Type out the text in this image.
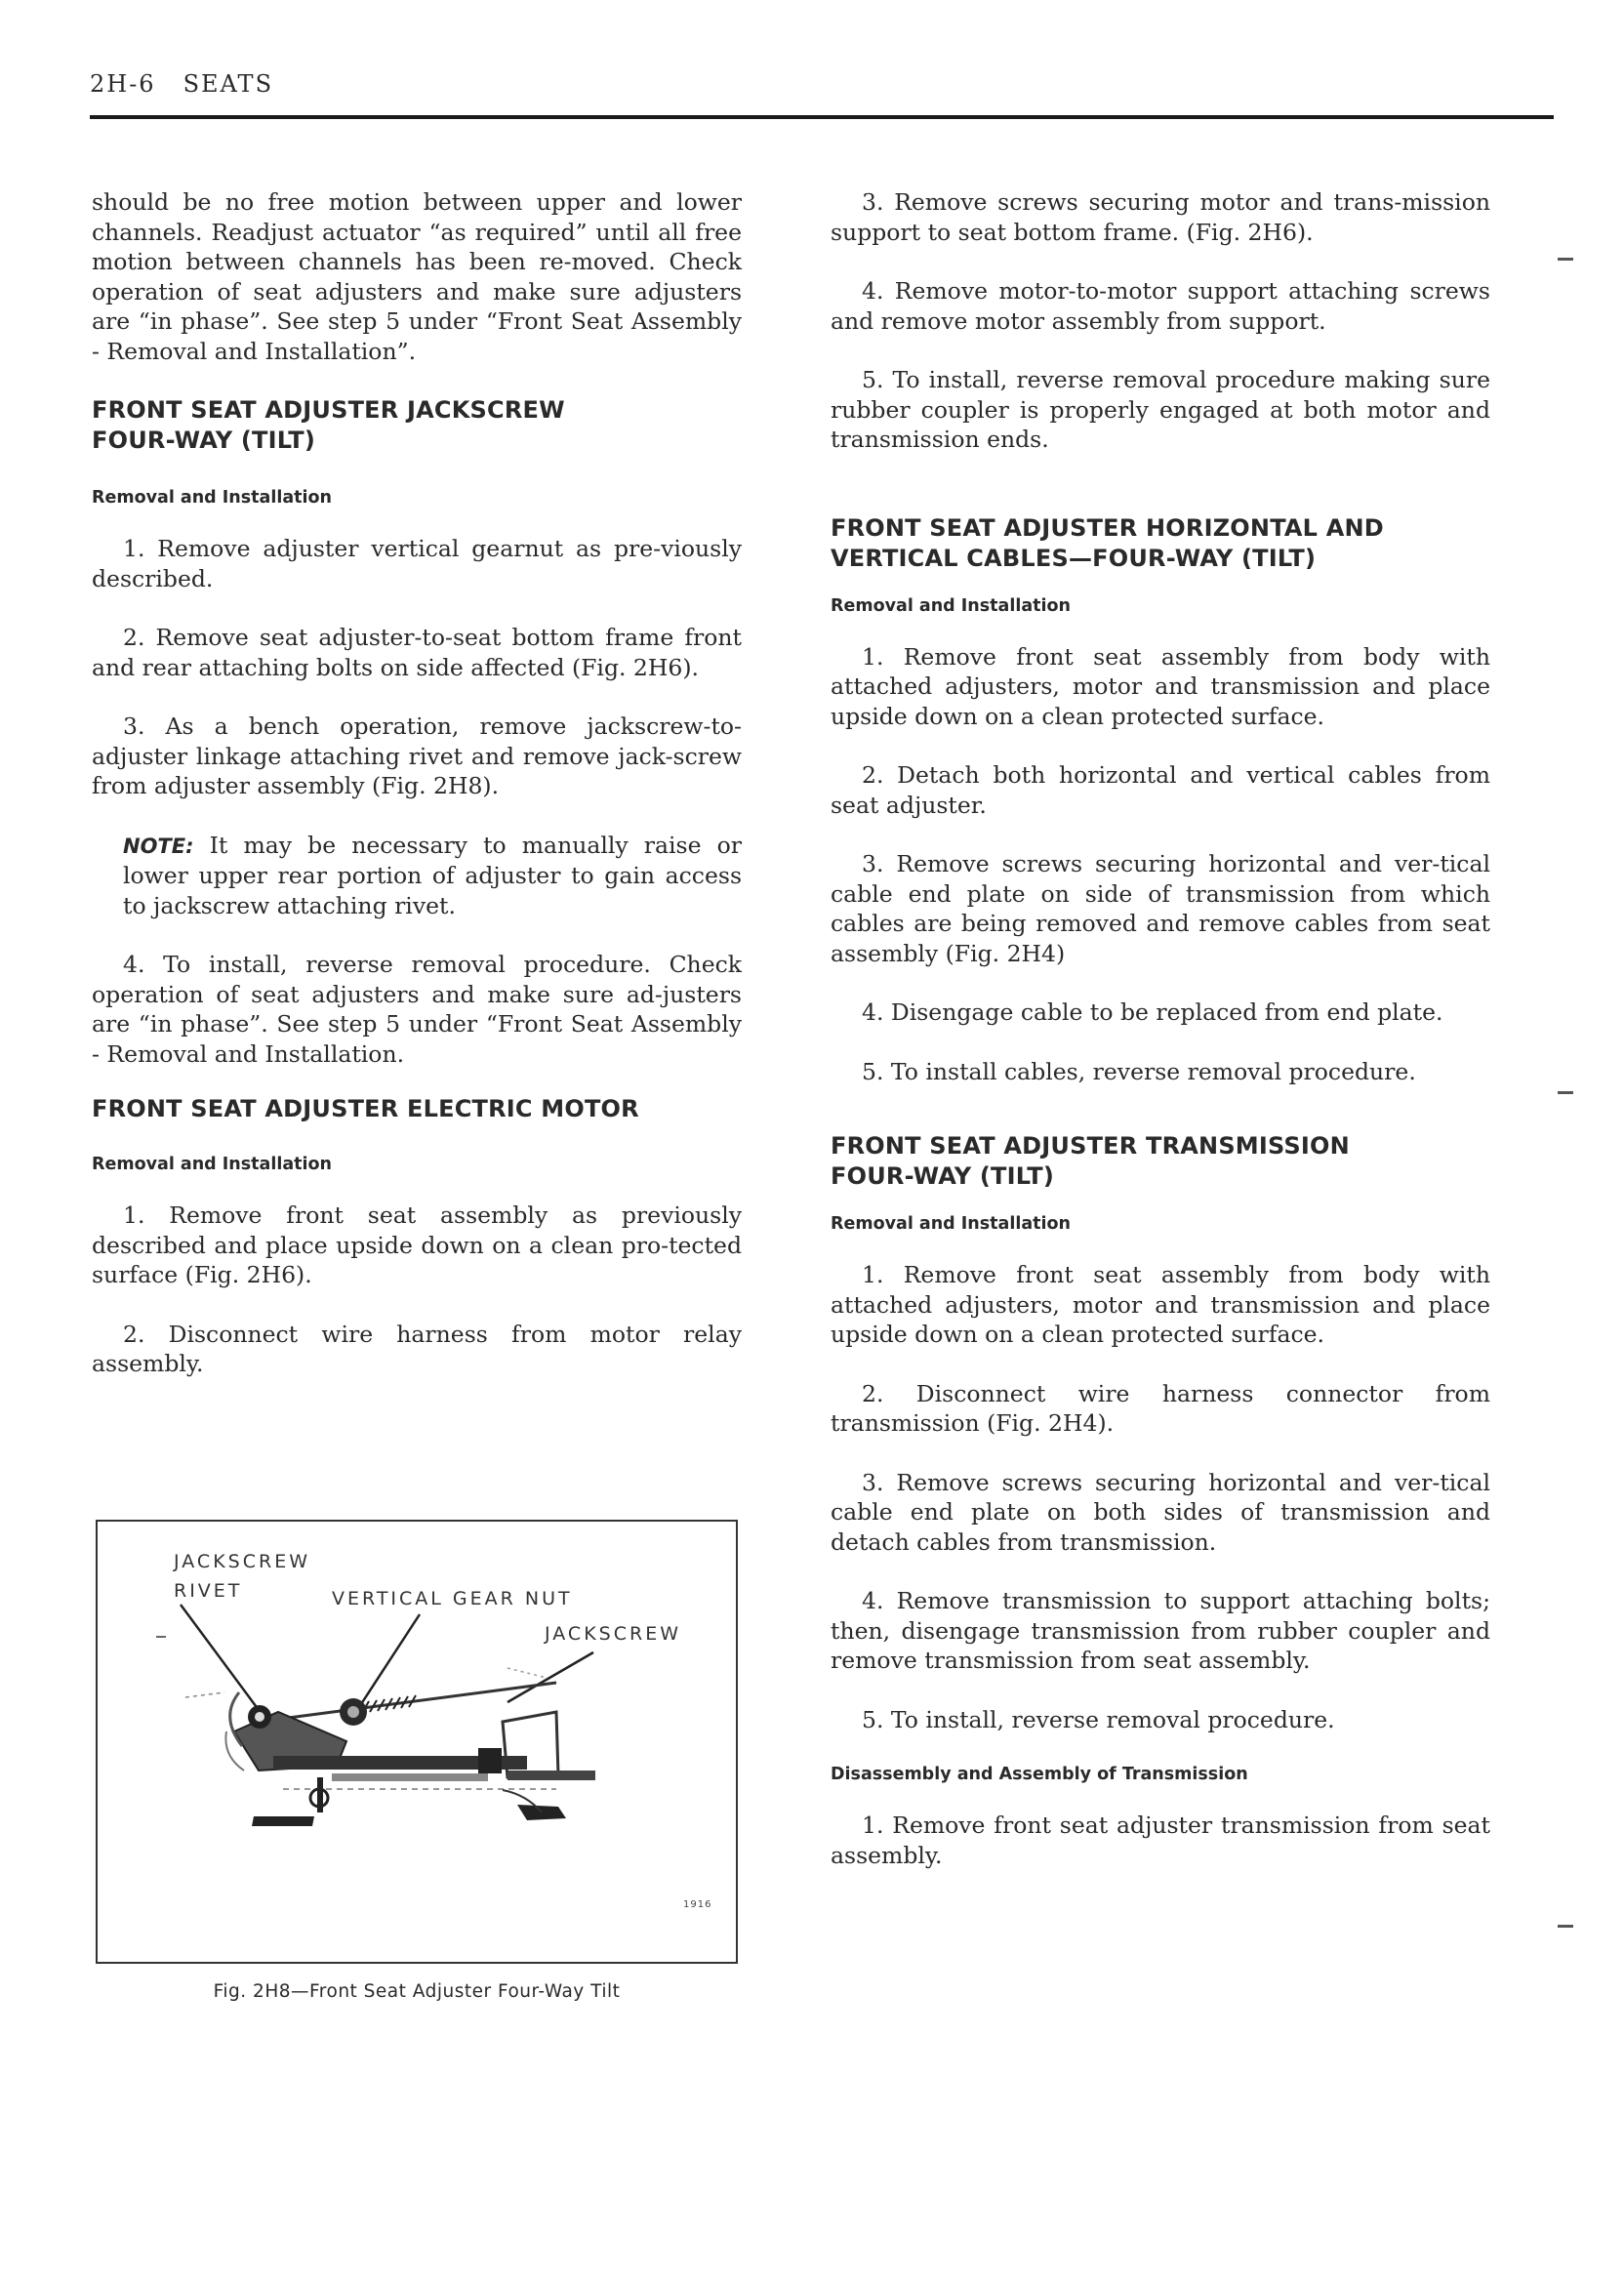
2H-6 SEATS

should be no free motion between upper and lower channels. Readjust actuator “as required” until all free motion between channels has been re-moved. Check operation of seat adjusters and make sure adjusters are “in phase”. See step 5 under “Front Seat Assembly - Removal and Installation”.

FRONT SEAT ADJUSTER JACKSCREW
FOUR-WAY (TILT)
Removal and Installation

1. Remove adjuster vertical gearnut as pre-viously described.

2. Remove seat adjuster-to-seat bottom frame front and rear attaching bolts on side affected (Fig. 2H6).

3. As a bench operation, remove jackscrew-to-adjuster linkage attaching rivet and remove jack-screw from adjuster assembly (Fig. 2H8).

NOTE: It may be necessary to manually raise or lower upper rear portion of adjuster to gain access to jackscrew attaching rivet.

4. To install, reverse removal procedure. Check operation of seat adjusters and make sure ad-justers are “in phase”. See step 5 under “Front Seat Assembly - Removal and Installation.

FRONT SEAT ADJUSTER ELECTRIC MOTOR
Removal and Installation

1. Remove front seat assembly as previously described and place upside down on a clean pro-tected surface (Fig. 2H6).

2. Disconnect wire harness from motor relay assembly.

JACKSCREW
RIVET	VERTICAL GEAR NUT
JACKSCREW
1916
Fig. 2H8—Front Seat Adjuster Four-Way Tilt

3. Remove screws securing motor and trans-mission support to seat bottom frame. (Fig. 2H6).

4. Remove motor-to-motor support attaching screws and remove motor assembly from support.

5. To install, reverse removal procedure making sure rubber coupler is properly engaged at both motor and transmission ends.

FRONT SEAT ADJUSTER HORIZONTAL AND
VERTICAL CABLES—FOUR-WAY (TILT)
Removal and Installation

1. Remove front seat assembly from body with attached adjusters, motor and transmission and place upside down on a clean protected surface.

2. Detach both horizontal and vertical cables from seat adjuster.

3. Remove screws securing horizontal and ver-tical cable end plate on side of transmission from which cables are being removed and remove cables from seat assembly (Fig. 2H4)

4. Disengage cable to be replaced from end plate.

5. To install cables, reverse removal procedure.

FRONT SEAT ADJUSTER TRANSMISSION
FOUR-WAY (TILT)
Removal and Installation

1. Remove front seat assembly from body with attached adjusters, motor and transmission and place upside down on a clean protected surface.

2. Disconnect wire harness connector from transmission (Fig. 2H4).

3. Remove screws securing horizontal and ver-tical cable end plate on both sides of transmission and detach cables from transmission.

4. Remove transmission to support attaching bolts; then, disengage transmission from rubber coupler and remove transmission from seat assembly.

5. To install, reverse removal procedure.

Disassembly and Assembly of Transmission

1. Remove front seat adjuster transmission from seat assembly.
